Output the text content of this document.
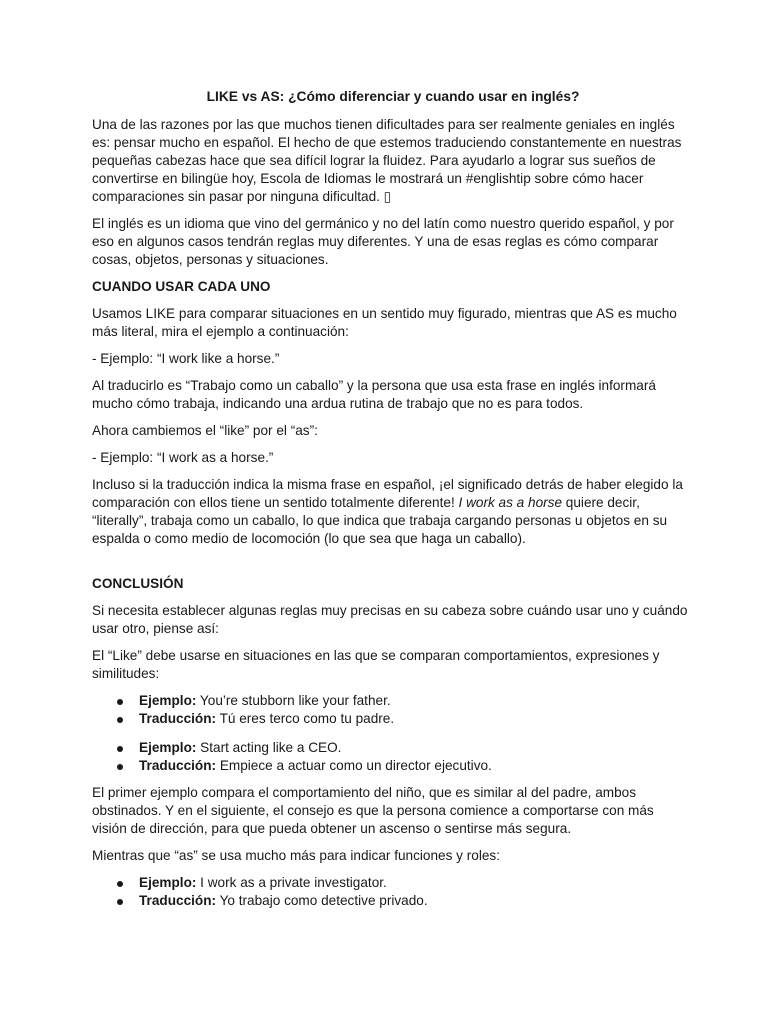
LIKE vs AS: ¿Cómo diferenciar y cuando usar en inglés?

Una de las razones por las que muchos tienen dificultades para ser realmente geniales en inglés es: pensar mucho en español. El hecho de que estemos traduciendo constantemente en nuestras pequeñas cabezas hace que sea difícil lograr la fluidez. Para ayudarlo a lograr sus sueños de convertirse en bilingüe hoy, Escola de Idiomas le mostrará un #englishtip sobre cómo hacer comparaciones sin pasar por ninguna dificultad. ▯

El inglés es un idioma que vino del germánico y no del latín como nuestro querido español, y por eso en algunos casos tendrán reglas muy diferentes. Y una de esas reglas es cómo comparar cosas, objetos, personas y situaciones.

CUANDO USAR CADA UNO

Usamos LIKE para comparar situaciones en un sentido muy figurado, mientras que AS es mucho más literal, mira el ejemplo a continuación:

- Ejemplo: “I work like a horse.”

Al traducirlo es “Trabajo como un caballo” y la persona que usa esta frase en inglés informará mucho cómo trabaja, indicando una ardua rutina de trabajo que no es para todos.

Ahora cambiemos el “like” por el “as”:

- Ejemplo: “I work as a horse.”

Incluso si la traducción indica la misma frase en español, ¡el significado detrás de haber elegido la comparación con ellos tiene un sentido totalmente diferente! I work as a horse quiere decir, “literally”, trabaja como un caballo, lo que indica que trabaja cargando personas u objetos en su espalda o como medio de locomoción (lo que sea que haga un caballo).

CONCLUSIÓN

Si necesita establecer algunas reglas muy precisas en su cabeza sobre cuándo usar uno y cuándo usar otro, piense así:

El “Like” debe usarse en situaciones en las que se comparan comportamientos, expresiones y similitudes:

Ejemplo: You’re stubborn like your father.
Traducción: Tú eres terco como tu padre.
Ejemplo: Start acting like a CEO.
Traducción: Empiece a actuar como un director ejecutivo.

El primer ejemplo compara el comportamiento del niño, que es similar al del padre, ambos obstinados. Y en el siguiente, el consejo es que la persona comience a comportarse con más visión de dirección, para que pueda obtener un ascenso o sentirse más segura.

Mientras que “as” se usa mucho más para indicar funciones y roles:

Ejemplo: I work as a private investigator.
Traducción: Yo trabajo como detective privado.
